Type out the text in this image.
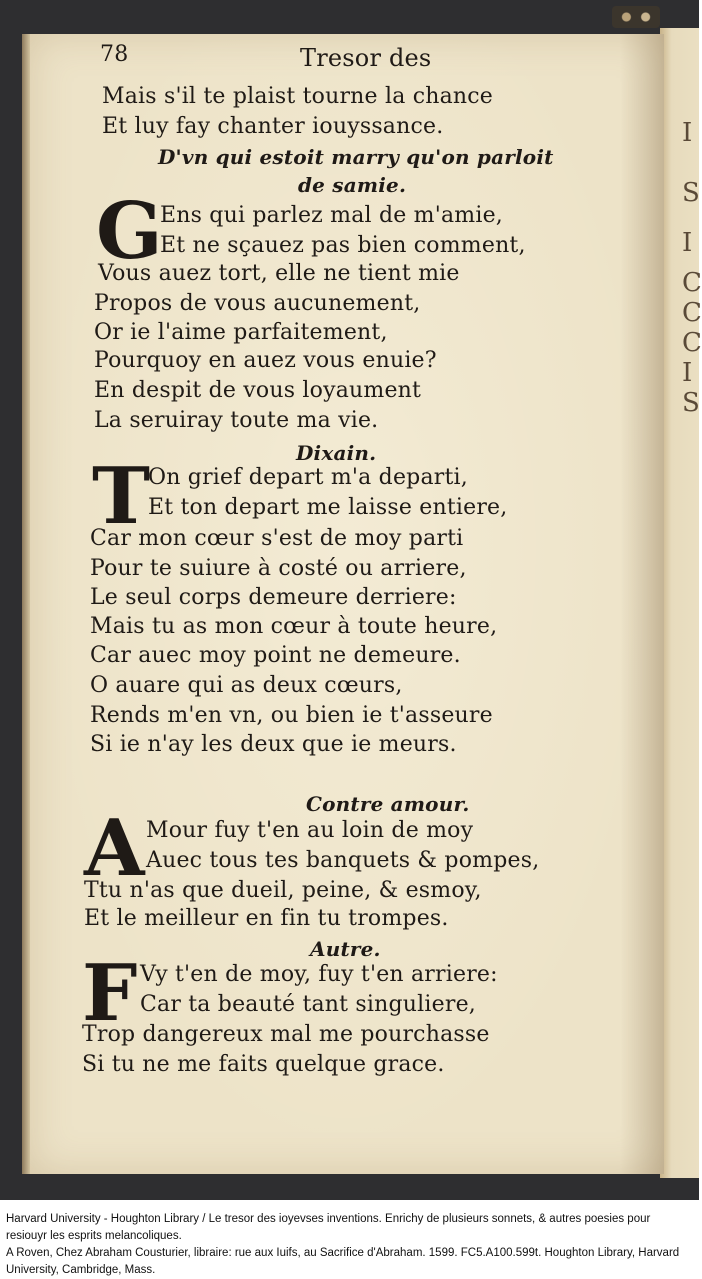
I
S
I
C
C
C
I
S
78	Tresor des
Mais s'il te plaist tourne la chance
Et luy fay chanter iouyssance.
D'vn qui estoit marry qu'on parloit
de samie.
G
Ens qui parlez mal de m'amie,
Et ne sçauez pas bien comment,
Vous auez tort, elle ne tient mie
Propos de vous aucunement,
Or ie l'aime parfaitement,
Pourquoy en auez vous enuie?
En despit de vous loyaument
La seruiray toute ma vie.
Dixain.
T
On grief depart m'a departi,
Et ton depart me laisse entiere,
Car mon cœur s'est de moy parti
Pour te suiure à costé ou arriere,
Le seul corps demeure derriere:
Mais tu as mon cœur à toute heure,
Car auec moy point ne demeure.
O auare qui as deux cœurs,
Rends m'en vn, ou bien ie t'asseure
Si ie n'ay les deux que ie meurs.
Contre amour.
A Mour fuy t'en au loin de moy
Auec tous tes banquets & pompes,
Ttu n'as que dueil, peine, & esmoy,
Et le meilleur en fin tu trompes.
Autre.
F Vy t'en de moy, fuy t'en arriere:
Car ta beauté tant singuliere,
Trop dangereux mal me pourchasse
Si tu ne me faits quelque grace.

Harvard University - Houghton Library / Le tresor des ioyevses inventions. Enrichy de plusieurs sonnets, & autres poesies pour resiouyr les esprits melancoliques.

A Roven, Chez Abraham Cousturier, libraire: rue aux Iuifs, au Sacrifice d'Abraham. 1599. FC5.A100.599t. Houghton Library, Harvard University, Cambridge, Mass.
